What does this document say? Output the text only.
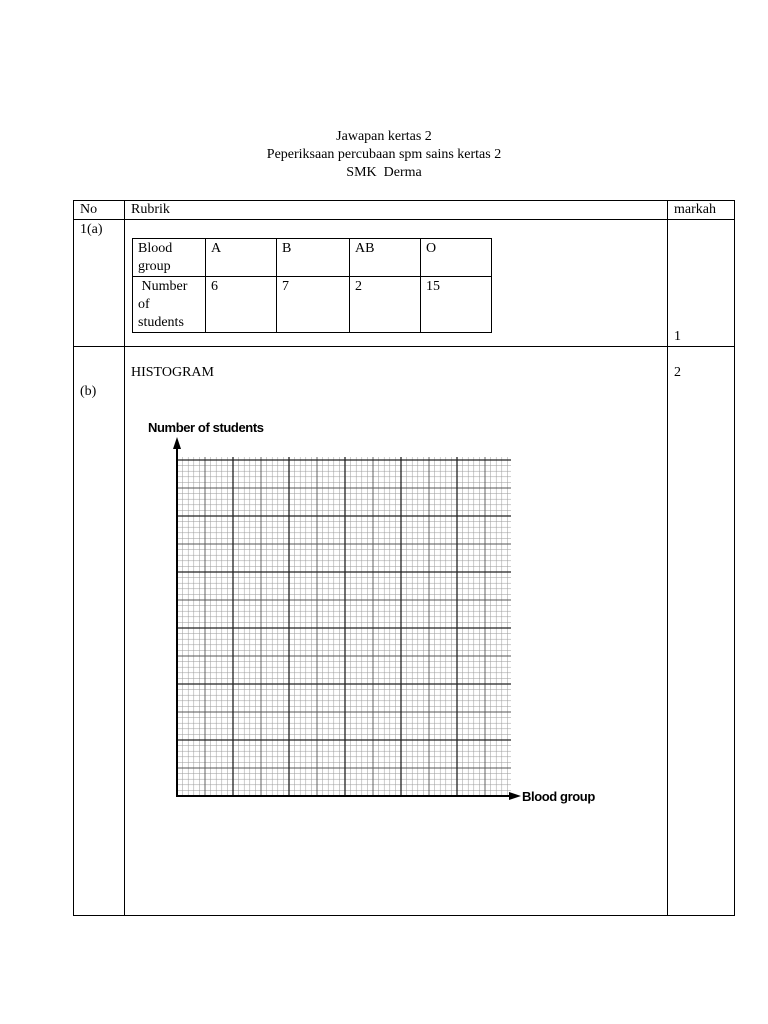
Jawapan kertas 2
Peperiksaan percubaan spm sains kertas 2
SMK  Derma
No Rubrik	markah
1(a)
1
Blood
group	A	B	AB	O
Number
of
students	6	7	2	15
(b)
HISTOGRAM	2
Number of students
Blood group
